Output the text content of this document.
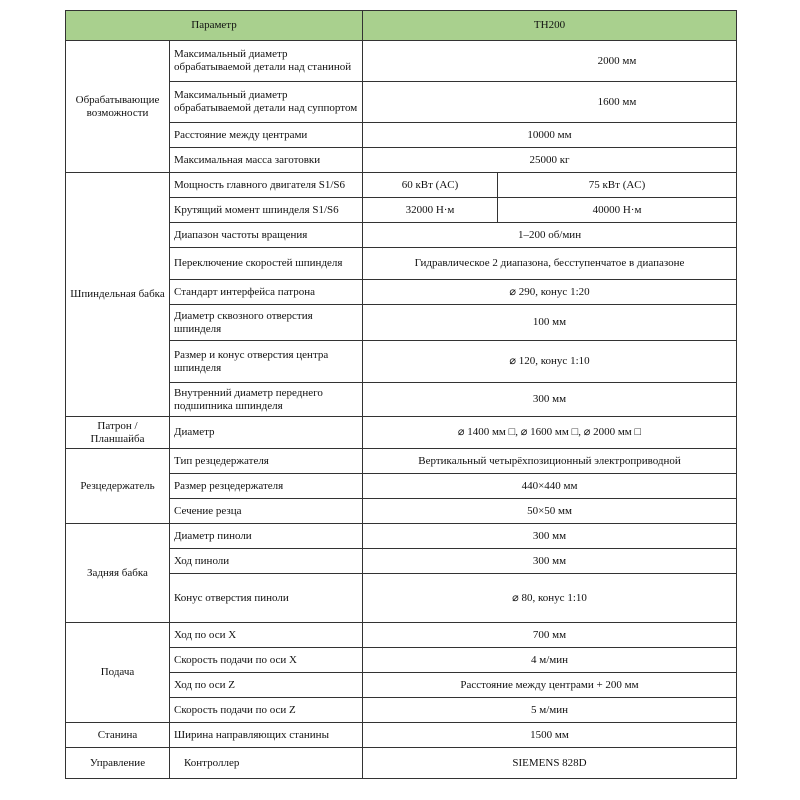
Параметр		TH200	
Обрабатывающие возможности	Максимальный диаметр обрабатываемой детали над станиной	2000 мм	
	Максимальный диаметр обрабатываемой детали над суппортом	1600 мм	
	Расстояние между центрами	10000 мм	
	Максимальная масса заготовки	25000 кг	
Шпиндельная бабка	Мощность главного двигателя S1/S6	60 кВт (AC)	75 кВт (AC)
	Крутящий момент шпинделя S1/S6	32000 Н·м	40000 Н·м
	Диапазон частоты вращения	1–200 об/мин	
	Переключение скоростей шпинделя	Гидравлическое 2 диапазона, бесступенчатое в диапазоне	
	Стандарт интерфейса патрона	⌀ 290, конус 1:20	
	Диаметр сквозного отверстия шпинделя	100 мм	
	Размер и конус отверстия центра шпинделя	⌀ 120, конус 1:10	
	Внутренний диаметр переднего подшипника шпинделя	300 мм	
Патрон / Планшайба	Диаметр	⌀ 1400 мм □, ⌀ 1600 мм □, ⌀ 2000 мм □	
Резцедержатель	Тип резцедержателя	Вертикальный четырёхпозиционный электроприводной	
	Размер резцедержателя	440×440 мм	
	Сечение резца	50×50 мм	
Задняя бабка	Диаметр пиноли	300 мм	
	Ход пиноли	300 мм	
	Конус отверстия пиноли	⌀ 80, конус 1:10	
Подача	Ход по оси X	700 мм	
	Скорость подачи по оси X	4 м/мин	
	Ход по оси Z	Расстояние между центрами + 200 мм	
	Скорость подачи по оси Z	5 м/мин	
Станина	Ширина направляющих станины	1500 мм	
Управление	Контроллер	SIEMENS 828D	
